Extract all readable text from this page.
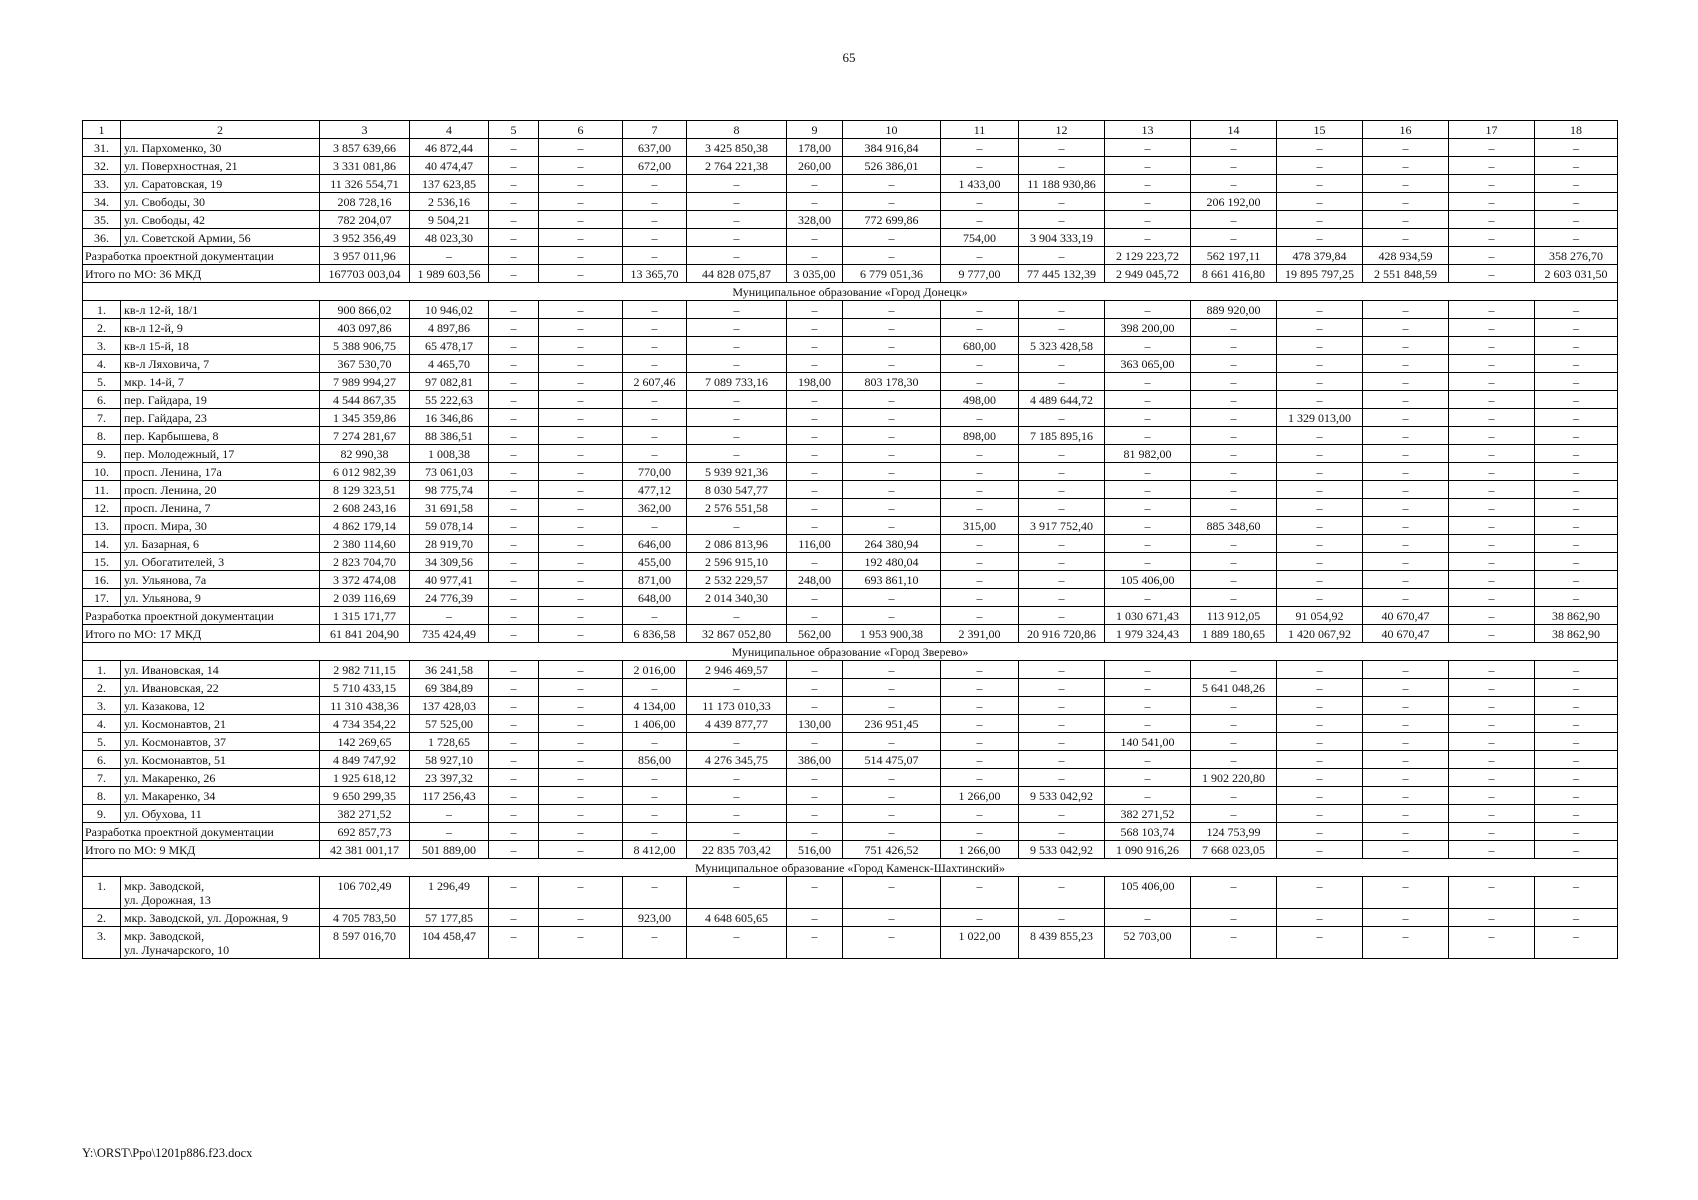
65
1	2	3	4	5	6	7	8	9	10	11	12	13	14	15	16	17	18
31.	ул. Пархоменко, 30	3 857 639,66	46 872,44	–	–	637,00	3 425 850,38	178,00	384 916,84	–	–	–	–	–	–	–	–
32.	ул. Поверхностная, 21	3 331 081,86	40 474,47	–	–	672,00	2 764 221,38	260,00	526 386,01	–	–	–	–	–	–	–	–
33.	ул. Саратовская, 19	11 326 554,71	137 623,85	–	–	–	–	–	–	1 433,00	11 188 930,86	–	–	–	–	–	–
34.	ул. Свободы, 30	208 728,16	2 536,16	–	–	–	–	–	–	–	–	–	206 192,00	–	–	–	–
35.	ул. Свободы, 42	782 204,07	9 504,21	–	–	–	–	328,00	772 699,86	–	–	–	–	–	–	–	–
36.	ул. Советской Армии, 56	3 952 356,49	48 023,30	–	–	–	–	–	–	754,00	3 904 333,19	–	–	–	–	–	–
Разработка проектной документации		3 957 011,96	–	–	–	–	–	–	–	–	–	2 129 223,72	562 197,11	478 379,84	428 934,59	–	358 276,70
Итого по МО: 36 МКД		167703 003,04	1 989 603,56	–	–	13 365,70	44 828 075,87	3 035,00	6 779 051,36	9 777,00	77 445 132,39	2 949 045,72	8 661 416,80	19 895 797,25	2 551 848,59	–	2 603 031,50
Муниципальное образование «Город Донецк»																	
1.	кв-л 12-й, 18/1	900 866,02	10 946,02	–	–	–	–	–	–	–	–	–	889 920,00	–	–	–	–
2.	кв-л 12-й, 9	403 097,86	4 897,86	–	–	–	–	–	–	–	–	398 200,00	–	–	–	–	–
3.	кв-л 15-й, 18	5 388 906,75	65 478,17	–	–	–	–	–	–	680,00	5 323 428,58	–	–	–	–	–	–
4.	кв-л Ляховича, 7	367 530,70	4 465,70	–	–	–	–	–	–	–	–	363 065,00	–	–	–	–	–
5.	мкр. 14-й, 7	7 989 994,27	97 082,81	–	–	2 607,46	7 089 733,16	198,00	803 178,30	–	–	–	–	–	–	–	–
6.	пер. Гайдара, 19	4 544 867,35	55 222,63	–	–	–	–	–	–	498,00	4 489 644,72	–	–	–	–	–	–
7.	пер. Гайдара, 23	1 345 359,86	16 346,86	–	–	–	–	–	–	–	–	–	–	1 329 013,00	–	–	–
8.	пер. Карбышева, 8	7 274 281,67	88 386,51	–	–	–	–	–	–	898,00	7 185 895,16	–	–	–	–	–	–
9.	пер. Молодежный, 17	82 990,38	1 008,38	–	–	–	–	–	–	–	–	81 982,00	–	–	–	–	–
10.	просп. Ленина, 17а	6 012 982,39	73 061,03	–	–	770,00	5 939 921,36	–	–	–	–	–	–	–	–	–	–
11.	просп. Ленина, 20	8 129 323,51	98 775,74	–	–	477,12	8 030 547,77	–	–	–	–	–	–	–	–	–	–
12.	просп. Ленина, 7	2 608 243,16	31 691,58	–	–	362,00	2 576 551,58	–	–	–	–	–	–	–	–	–	–
13.	просп. Мира, 30	4 862 179,14	59 078,14	–	–	–	–	–	–	315,00	3 917 752,40	–	885 348,60	–	–	–	–
14.	ул. Базарная, 6	2 380 114,60	28 919,70	–	–	646,00	2 086 813,96	116,00	264 380,94	–	–	–	–	–	–	–	–
15.	ул. Обогатителей, 3	2 823 704,70	34 309,56	–	–	455,00	2 596 915,10	–	192 480,04	–	–	–	–	–	–	–	–
16.	ул. Ульянова, 7а	3 372 474,08	40 977,41	–	–	871,00	2 532 229,57	248,00	693 861,10	–	–	105 406,00	–	–	–	–	–
17.	ул. Ульянова, 9	2 039 116,69	24 776,39	–	–	648,00	2 014 340,30	–	–	–	–	–	–	–	–	–	–
Разработка проектной документации		1 315 171,77	–	–	–	–	–	–	–	–	–	1 030 671,43	113 912,05	91 054,92	40 670,47	–	38 862,90
Итого по МО: 17 МКД		61 841 204,90	735 424,49	–	–	6 836,58	32 867 052,80	562,00	1 953 900,38	2 391,00	20 916 720,86	1 979 324,43	1 889 180,65	1 420 067,92	40 670,47	–	38 862,90
Муниципальное образование «Город Зверево»																	
1.	ул. Ивановская, 14	2 982 711,15	36 241,58	–	–	2 016,00	2 946 469,57	–	–	–	–	–	–	–	–	–	–
2.	ул. Ивановская, 22	5 710 433,15	69 384,89	–	–	–	–	–	–	–	–	–	5 641 048,26	–	–	–	–
3.	ул. Казакова, 12	11 310 438,36	137 428,03	–	–	4 134,00	11 173 010,33	–	–	–	–	–	–	–	–	–	–
4.	ул. Космонавтов, 21	4 734 354,22	57 525,00	–	–	1 406,00	4 439 877,77	130,00	236 951,45	–	–	–	–	–	–	–	–
5.	ул. Космонавтов, 37	142 269,65	1 728,65	–	–	–	–	–	–	–	–	140 541,00	–	–	–	–	–
6.	ул. Космонавтов, 51	4 849 747,92	58 927,10	–	–	856,00	4 276 345,75	386,00	514 475,07	–	–	–	–	–	–	–	–
7.	ул. Макаренко, 26	1 925 618,12	23 397,32	–	–	–	–	–	–	–	–	–	1 902 220,80	–	–	–	–
8.	ул. Макаренко, 34	9 650 299,35	117 256,43	–	–	–	–	–	–	1 266,00	9 533 042,92	–	–	–	–	–	–
9.	ул. Обухова, 11	382 271,52	–	–	–	–	–	–	–	–	–	382 271,52	–	–	–	–	–
Разработка проектной документации		692 857,73	–	–	–	–	–	–	–	–	–	568 103,74	124 753,99	–	–	–	–
Итого по МО: 9 МКД		42 381 001,17	501 889,00	–	–	8 412,00	22 835 703,42	516,00	751 426,52	1 266,00	9 533 042,92	1 090 916,26	7 668 023,05	–	–	–	–
Муниципальное образование «Город Каменск-Шахтинский»																	
1.	мкр. Заводской,
ул. Дорожная, 13	106 702,49	1 296,49	–	–	–	–	–	–	–	–	105 406,00	–	–	–	–	–
2.	мкр. Заводской, ул. Дорожная, 9	4 705 783,50	57 177,85	–	–	923,00	4 648 605,65	–	–	–	–	–	–	–	–	–	–
3.	мкр. Заводской,
ул. Луначарского, 10	8 597 016,70	104 458,47	–	–	–	–	–	–	1 022,00	8 439 855,23	52 703,00	–	–	–	–	–
Y:\ORST\Ppo\1201p886.f23.docx
